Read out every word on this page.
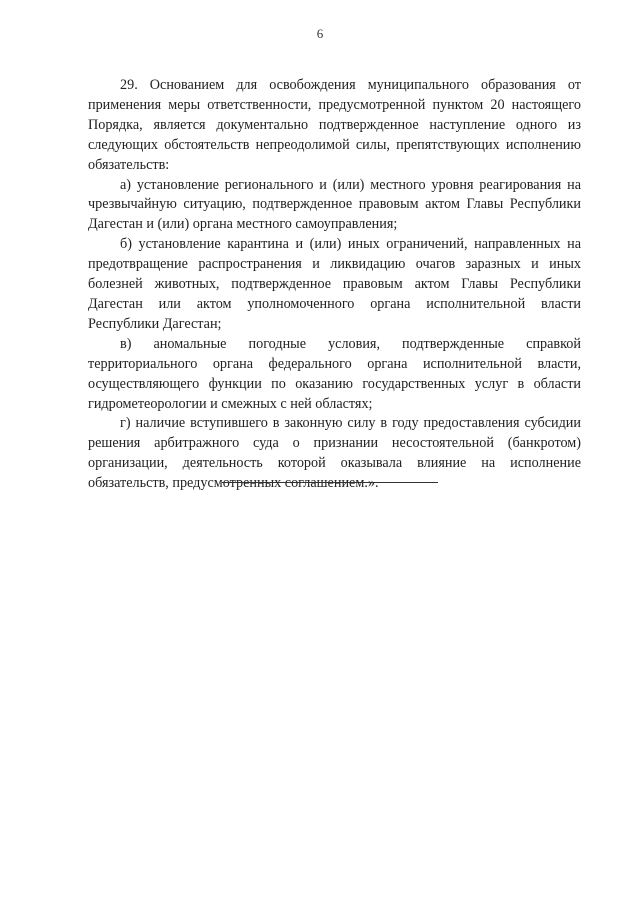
6

29. Основанием для освобождения муниципального образования от применения меры ответственности, предусмотренной пунктом 20 настоящего Порядка, является документально подтвержденное наступление одного из следующих обстоятельств непреодолимой силы, препятствующих исполнению обязательств:

а) установление регионального и (или) местного уровня реагирования на чрезвычайную ситуацию, подтвержденное правовым актом Главы Республики Дагестан и (или) органа местного самоуправления;

б) установление карантина и (или) иных ограничений, направленных на предотвращение распространения и ликвидацию очагов заразных и иных болезней животных, подтвержденное правовым актом Главы Республики Дагестан или актом уполномоченного органа исполнительной власти Республики Дагестан;

в) аномальные погодные условия, подтвержденные справкой территориального органа федерального органа исполнительной власти, осуществляющего функции по оказанию государственных услуг в области гидрометеорологии и смежных с ней областях;

г) наличие вступившего в законную силу в году предоставления субсидии решения арбитражного суда о признании несостоятельной (банкротом) организации, деятельность которой оказывала влияние на исполнение обязательств, предусмотренных соглашением.».
